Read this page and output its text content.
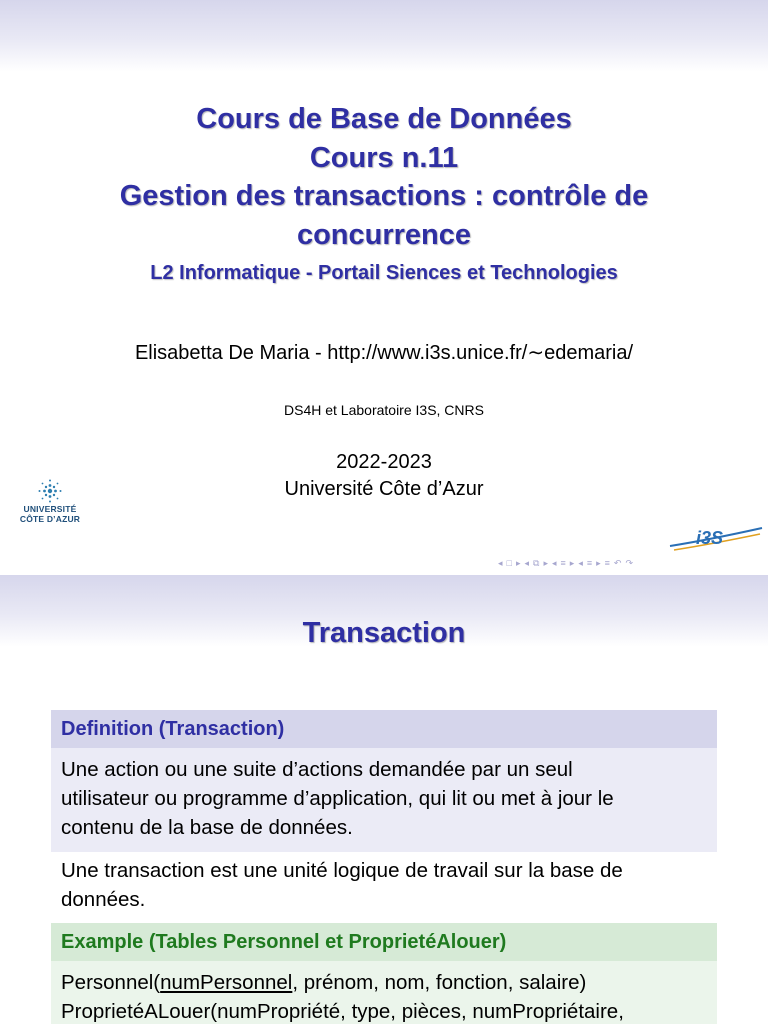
Cours de Base de Données
Cours n.11
Gestion des transactions : contrôle de
concurrence
L2 Informatique - Portail Siences et Technologies
Elisabetta De Maria - http://www.i3s.unice.fr/∼edemaria/
DS4H et Laboratoire I3S, CNRS
2022-2023
Université Côte d’Azur
UNIVERSITÉ
CÔTE D’AZUR
i3S
◂ □ ▸ ◂ ⧉ ▸ ◂ ≡ ▸ ◂ ≡ ▸ ≡ ↶ ↷
Transaction
Definition (Transaction)
Une action ou une suite d’actions demandée par un seul
utilisateur ou programme d’application, qui lit ou met à jour le
contenu de la base de données.
Une transaction est une unité logique de travail sur la base de
données.
Example (Tables Personnel et ProprietéAlouer)
Personnel(numPersonnel, prénom, nom, fonction, salaire)
ProprietéALouer(numPropriété, type, pièces, numPropriétaire,
